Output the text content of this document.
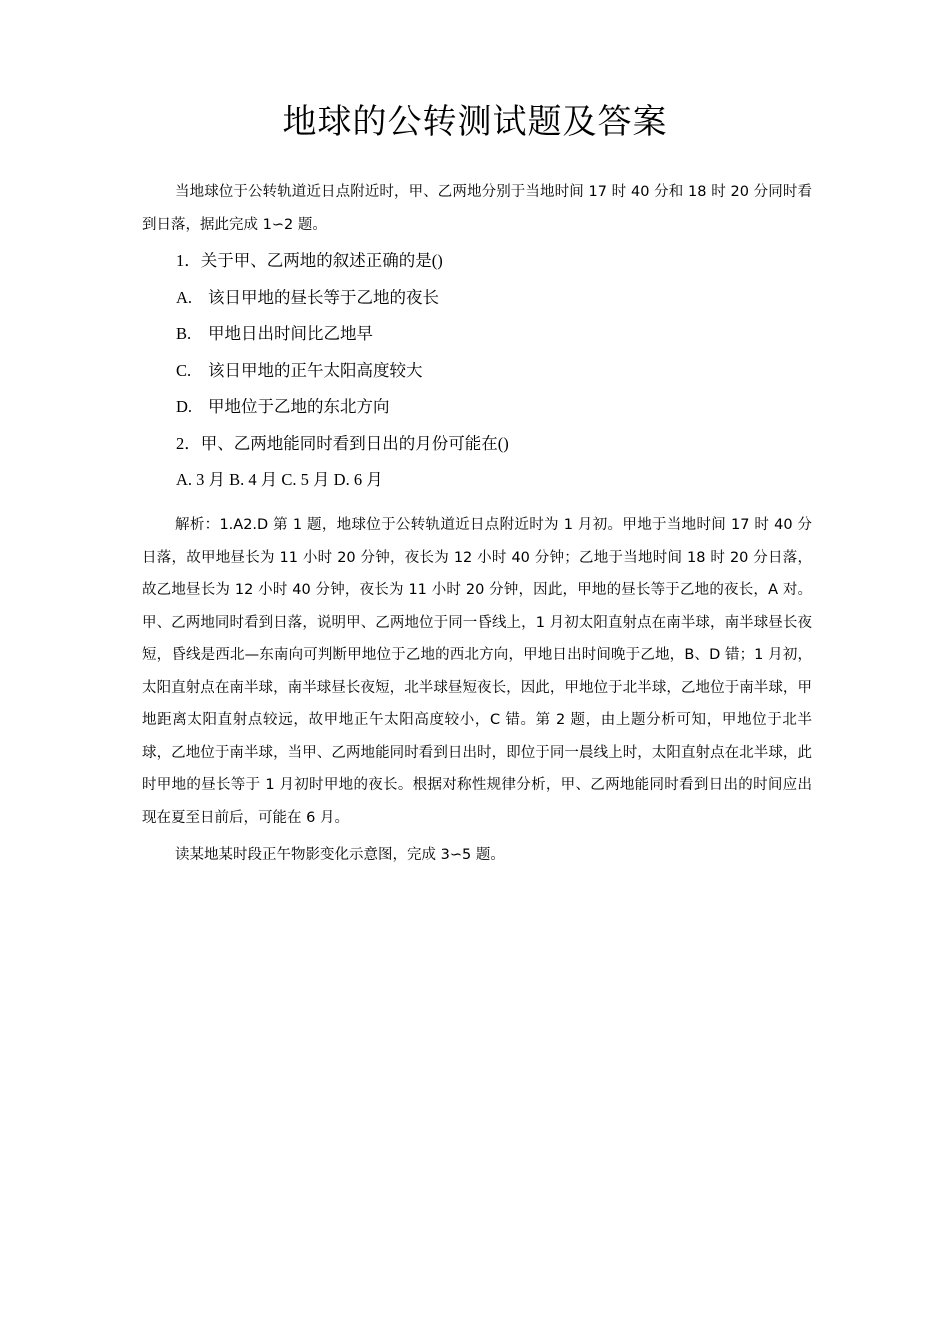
地球的公转测试题及答案

当地球位于公转轨道近日点附近时，甲、乙两地分别于当地时间 17 时 40 分和 18 时 20 分同时看到日落，据此完成 1∽2 题。

1．关于甲、乙两地的叙述正确的是()
A. 该日甲地的昼长等于乙地的夜长
B. 甲地日出时间比乙地早
C. 该日甲地的正午太阳高度较大
D. 甲地位于乙地的东北方向
2．甲、乙两地能同时看到日出的月份可能在()
A. 3 月 B. 4 月 C. 5 月 D. 6 月

解析：1.A2.D 第 1 题，地球位于公转轨道近日点附近时为 1 月初。甲地于当地时间 17 时 40 分日落，故甲地昼长为 11 小时 20 分钟，夜长为 12 小时 40 分钟；乙地于当地时间 18 时 20 分日落，故乙地昼长为 12 小时 40 分钟，夜长为 11 小时 20 分钟，因此，甲地的昼长等于乙地的夜长，A 对。甲、乙两地同时看到日落，说明甲、乙两地位于同一昏线上，1 月初太阳直射点在南半球，南半球昼长夜短，昏线是西北—东南向可判断甲地位于乙地的西北方向，甲地日出时间晚于乙地，B、D 错；1 月初，太阳直射点在南半球，南半球昼长夜短，北半球昼短夜长，因此，甲地位于北半球，乙地位于南半球，甲地距离太阳直射点较远，故甲地正午太阳高度较小，C 错。第 2 题，由上题分析可知，甲地位于北半球，乙地位于南半球，当甲、乙两地能同时看到日出时，即位于同一晨线上时，太阳直射点在北半球，此时甲地的昼长等于 1 月初时甲地的夜长。根据对称性规律分析，甲、乙两地能同时看到日出的时间应出现在夏至日前后，可能在 6 月。

读某地某时段正午物影变化示意图，完成 3∽5 题。
